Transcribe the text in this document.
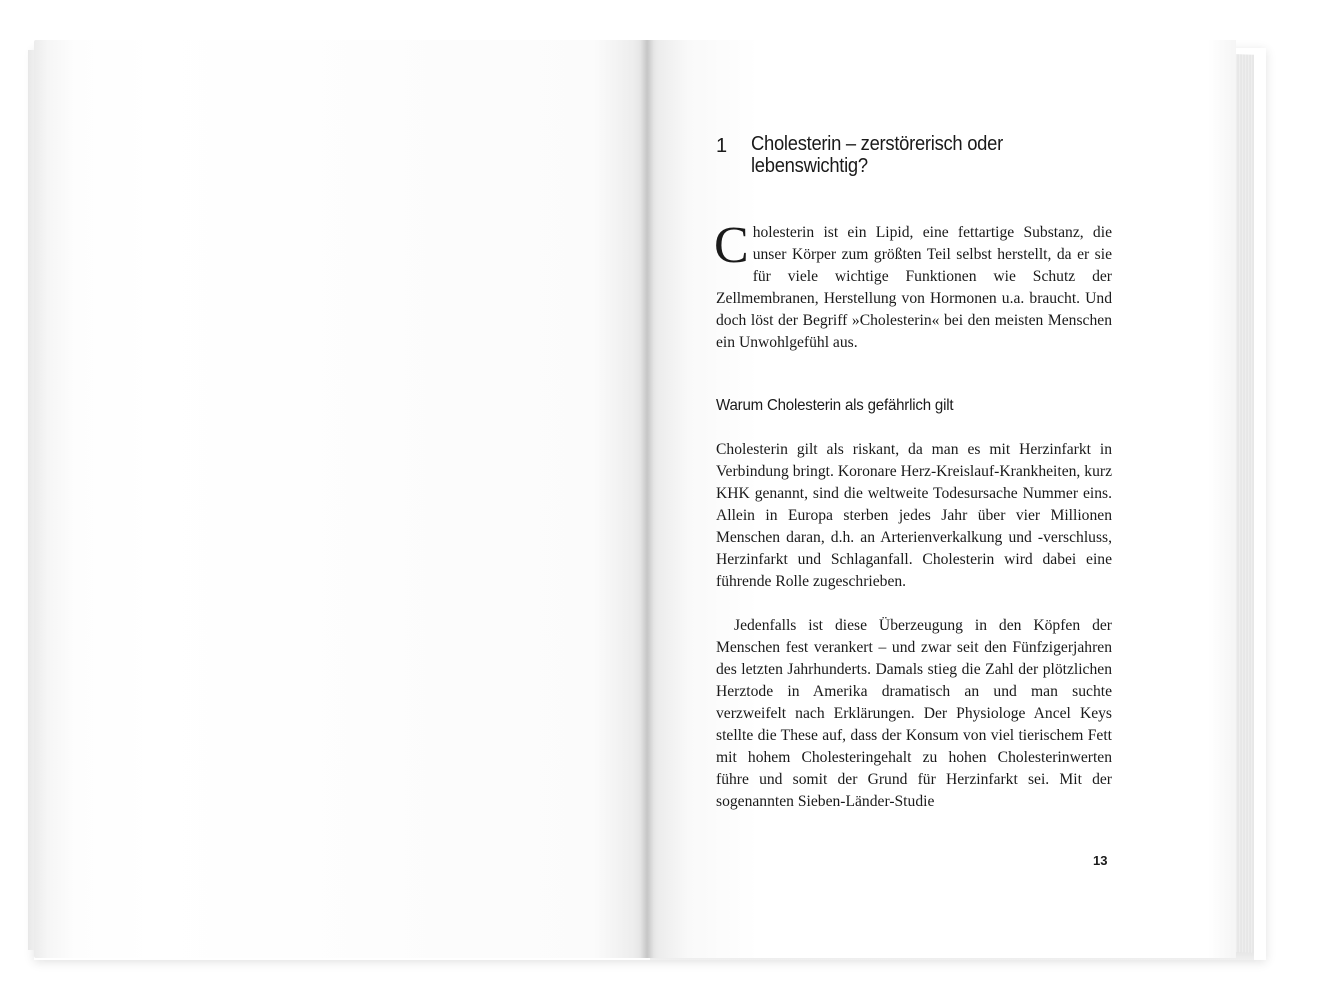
1 Cholesterin – zerstörerisch oder lebenswichtig?

Cholesterin ist ein Lipid, eine fettartige Substanz, die unser Körper zum größten Teil selbst herstellt, da er sie für viele wichtige Funktionen wie Schutz der Zellmembranen, Herstellung von Hormonen u.a. braucht. Und doch löst der Begriff »Cholesterin« bei den meisten Menschen ein Unwohlgefühl aus.

Warum Cholesterin als gefährlich gilt

Cholesterin gilt als riskant, da man es mit Herzinfarkt in Verbindung bringt. Koronare Herz-Kreislauf-Krankheiten, kurz KHK genannt, sind die weltweite Todesursache Nummer eins. Allein in Europa sterben jedes Jahr über vier Millionen Menschen daran, d.h. an Arterienverkalkung und -verschluss, Herzinfarkt und Schlaganfall. Cholesterin wird dabei eine führende Rolle zugeschrieben.

Jedenfalls ist diese Überzeugung in den Köpfen der Menschen fest verankert – und zwar seit den Fünfzigerjahren des letzten Jahrhunderts. Damals stieg die Zahl der plötzlichen Herztode in Amerika dramatisch an und man suchte verzweifelt nach Erklärungen. Der Physiologe Ancel Keys stellte die These auf, dass der Konsum von viel tierischem Fett mit hohem Cholesteringehalt zu hohen Cholesterinwerten führe und somit der Grund für Herzinfarkt sei. Mit der sogenannten Sieben-Länder-Studie

13
